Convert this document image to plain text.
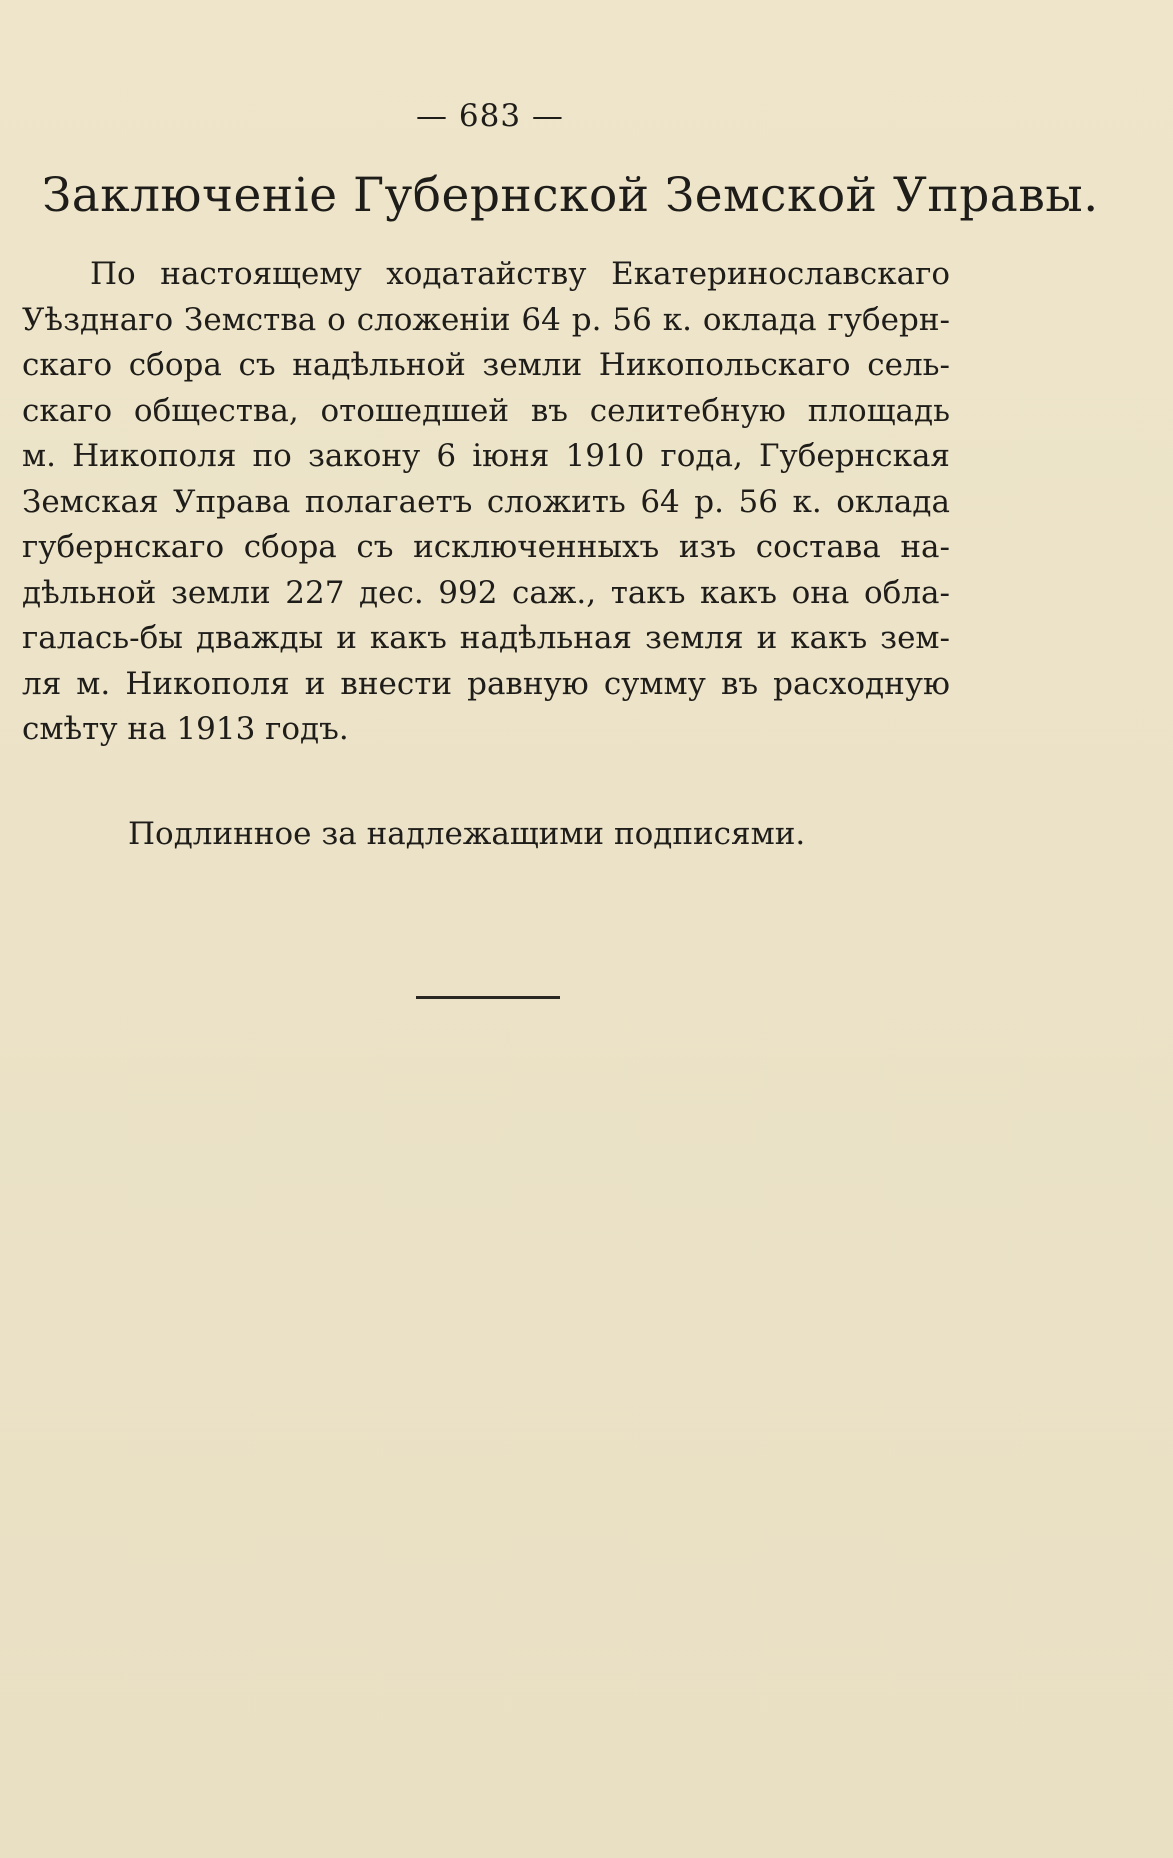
— 683 —
Заключеніе Губернской Земской Управы.
По настоящему ходатайству Екатеринославскаго
Уѣзднаго Земства о сложеніи 64 р. 56 к. оклада губерн-
скаго сбора съ надѣльной земли Никопольскаго сель-
скаго общества, отошедшей въ селитебную площадь
м. Никополя по закону 6 іюня 1910 года, Губернская
Земская Управа полагаетъ сложить 64 р. 56 к. оклада
губернскаго сбора съ исключенныхъ изъ состава на-
дѣльной земли 227 дес. 992 саж., такъ какъ она обла-
галась-бы дважды и какъ надѣльная земля и какъ зем-
ля м. Никополя и внести равную сумму въ расходную
смѣту на 1913 годъ.
Подлинное за надлежащими подписями.
